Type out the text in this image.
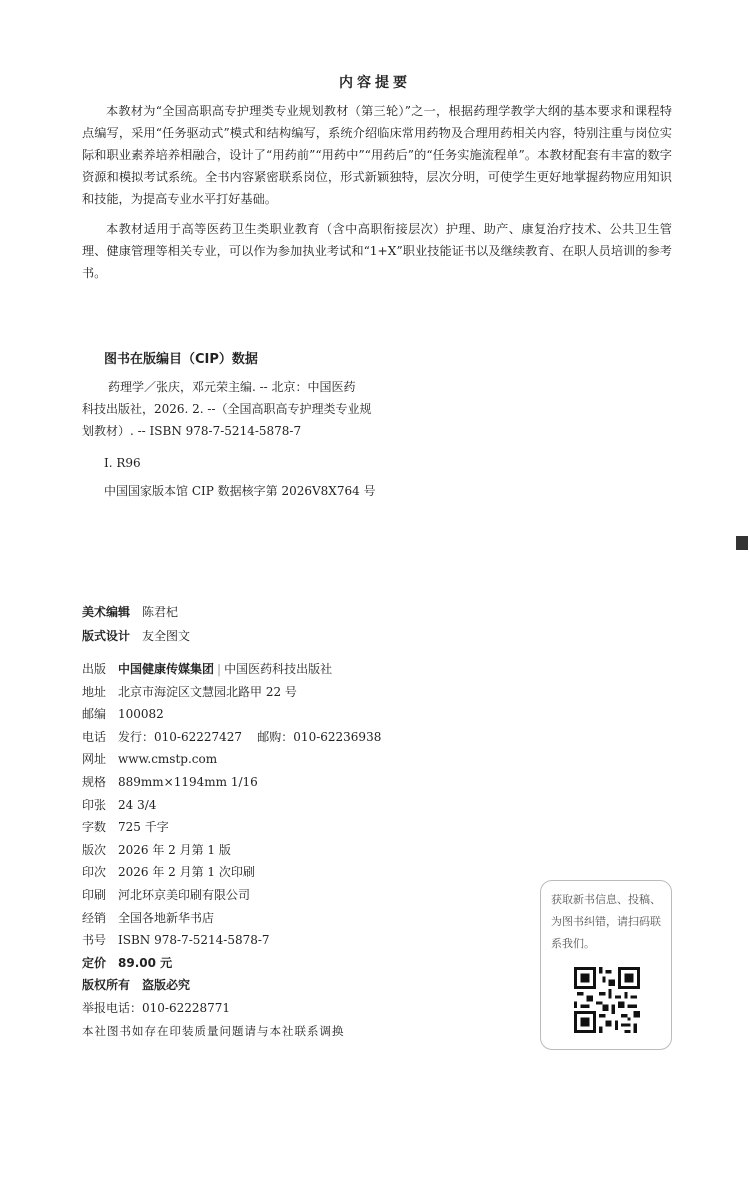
内容提要

本教材为“全国高职高专护理类专业规划教材（第三轮）”之一，根据药理学教学大纲的基本要求和课程特点编写，采用“任务驱动式”模式和结构编写，系统介绍临床常用药物及合理用药相关内容，特别注重与岗位实际和职业素养培养相融合，设计了“用药前”“用药中”“用药后”的“任务实施流程单”。本教材配套有丰富的数字资源和模拟考试系统。全书内容紧密联系岗位，形式新颖独特，层次分明，可使学生更好地掌握药物应用知识和技能，为提高专业水平打好基础。

本教材适用于高等医药卫生类职业教育（含中高职衔接层次）护理、助产、康复治疗技术、公共卫生管理、健康管理等相关专业，可以作为参加执业考试和“1+X”职业技能证书以及继续教育、在职人员培训的参考书。

图书在版编目（CIP）数据

药理学／张庆，邓元荣主编. -- 北京：中国医药

科技出版社，2026. 2. --（全国高职高专护理类专业规

划教材）. -- ISBN 978-7-5214-5878-7

Ⅰ. R96
中国国家版本馆 CIP 数据核字第 2026V8X764 号
美术编辑 陈君杞
版式设计 友全图文
出版 中国健康传媒集团 | 中国医药科技出版社
地址 北京市海淀区文慧园北路甲 22 号
邮编 100082
电话 发行：010-62227427    邮购：010-62236938
网址 www.cmstp.com
规格 889mm×1194mm 1/16
印张 24 3/4
字数 725 千字
版次 2026 年 2 月第 1 版
印次 2026 年 2 月第 1 次印刷
印刷 河北环京美印刷有限公司
经销 全国各地新华书店
书号 ISBN 978-7-5214-5878-7
定价 89.00 元
版权所有　盗版必究
举报电话：010-62228771
本社图书如存在印装质量问题请与本社联系调换
获取新书信息、投稿、为图书纠错，请扫码联系我们。
